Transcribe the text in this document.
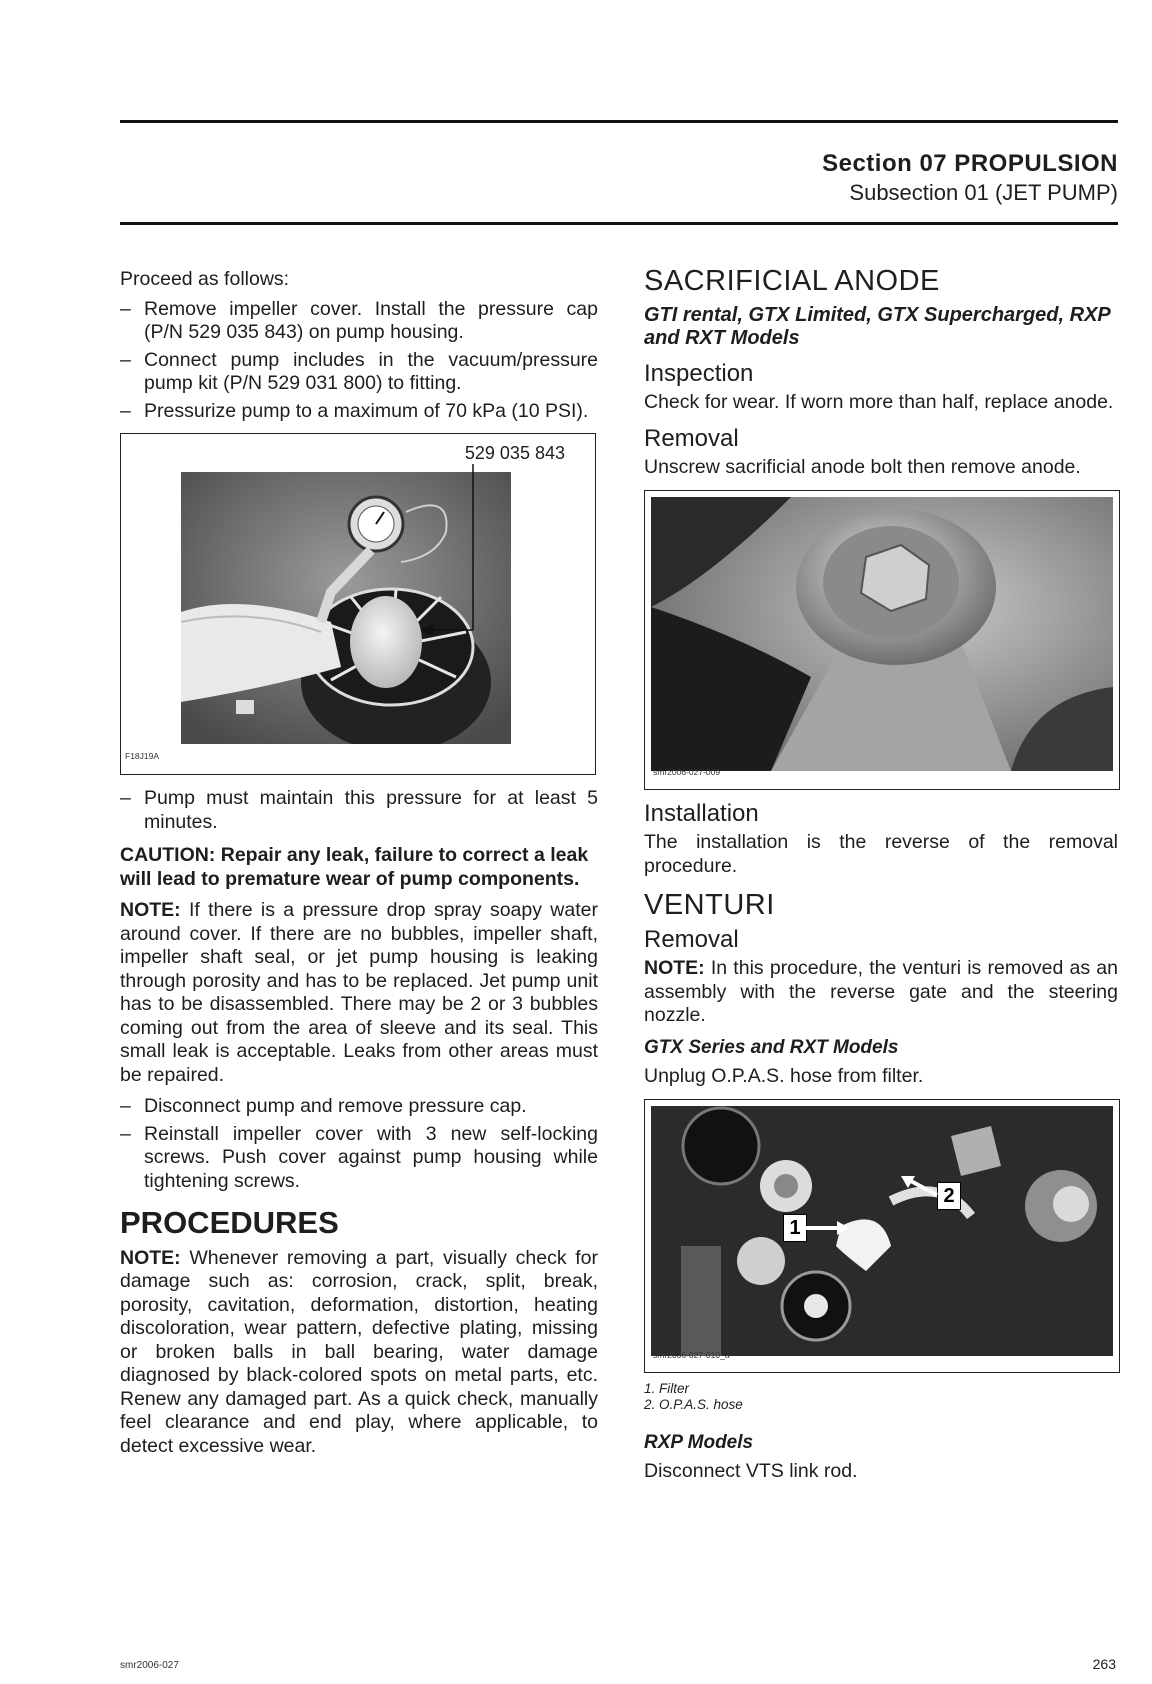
Section 07 PROPULSION
Subsection 01 (JET PUMP)

Proceed as follows:

– Remove impeller cover. Install the pressure cap (P/N 529 035 843) on pump housing.
– Connect pump includes in the vacuum/pressure pump kit (P/N 529 031 800) to fitting.
– Pressurize pump to a maximum of 70 kPa (10 PSI).
529 035 843
F18J19A
– Pump must maintain this pressure for at least 5 minutes.
CAUTION: Repair any leak, failure to correct a leak will lead to premature wear of pump components.

NOTE: If there is a pressure drop spray soapy water around cover. If there are no bubbles, impeller shaft, impeller shaft seal, or jet pump housing is leaking through porosity and has to be replaced. Jet pump unit has to be disassembled. There may be 2 or 3 bubbles coming out from the area of sleeve and its seal. This small leak is acceptable. Leaks from other areas must be repaired.

– Disconnect pump and remove pressure cap.
– Reinstall impeller cover with 3 new self-locking screws. Push cover against pump housing while tightening screws.
PROCEDURES

NOTE: Whenever removing a part, visually check for damage such as: corrosion, crack, split, break, porosity, cavitation, deformation, distortion, heating discoloration, wear pattern, defective plating, missing or broken balls in ball bearing, water damage diagnosed by black-colored spots on metal parts, etc. Renew any damaged part. As a quick check, manually feel clearance and end play, where applicable, to detect excessive wear.

SACRIFICIAL ANODE
GTI rental, GTX Limited, GTX Supercharged, RXP and RXT Models
Inspection

Check for wear. If worn more than half, replace anode.

Removal

Unscrew sacrificial anode bolt then remove anode.

smr2006-027-009
Installation

The installation is the reverse of the removal procedure.

VENTURI
Removal

NOTE: In this procedure, the venturi is removed as an assembly with the reverse gate and the steering nozzle.

GTX Series and RXT Models

Unplug O.P.A.S. hose from filter.

1
2
smr2006-027-010_a
1. Filter
2. O.P.A.S. hose
RXP Models

Disconnect VTS link rod.

smr2006-027	263
